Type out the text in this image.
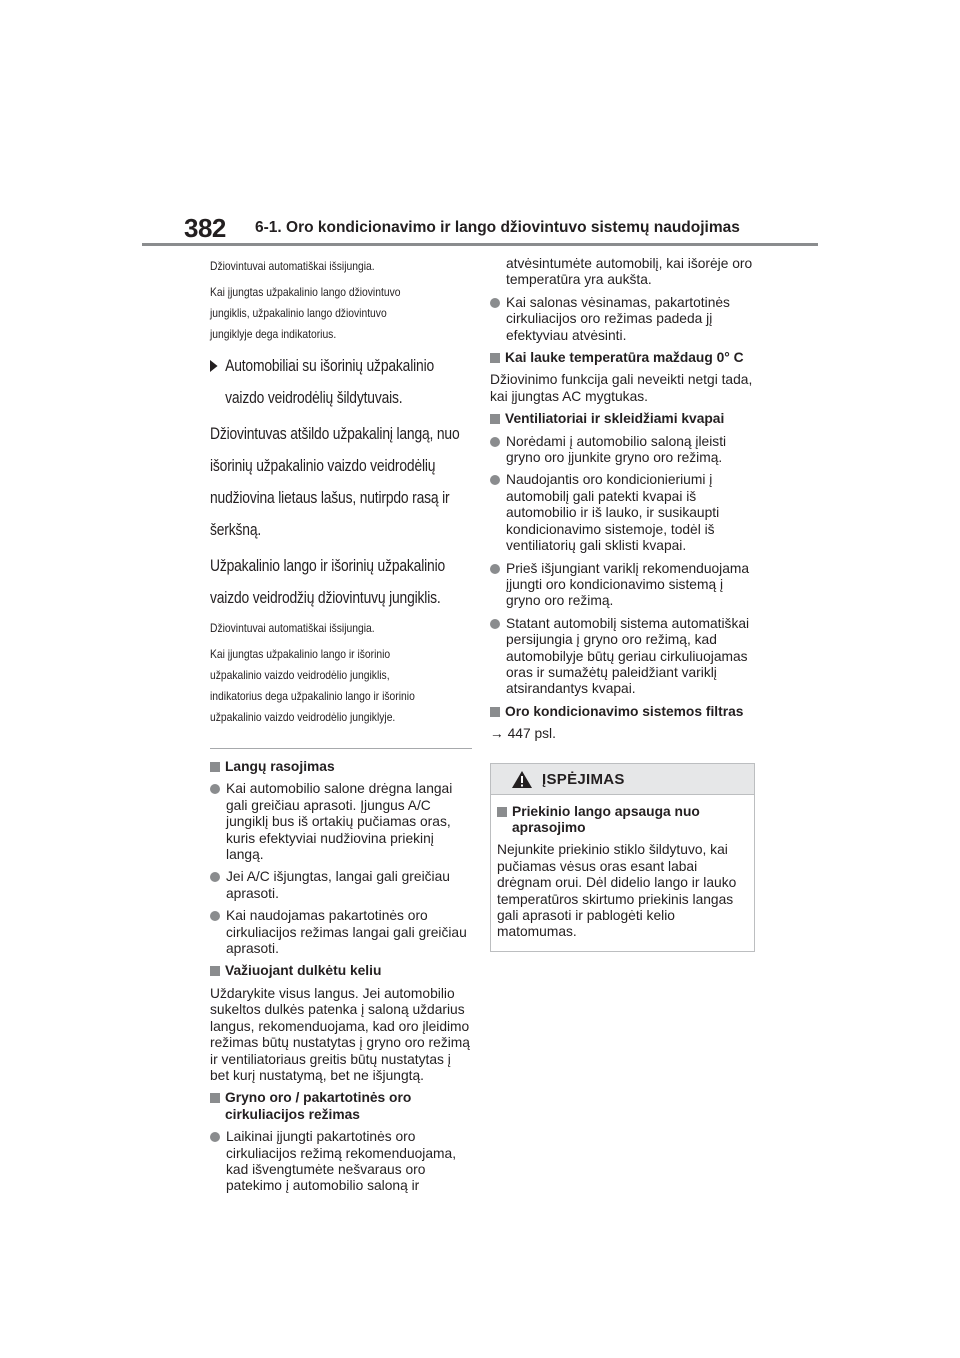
382 6-1. Oro kondicionavimo ir lango džiovintuvo sistemų naudojimas

Džiovintuvai automatiškai išsijungia.

Kai įjungtas užpakalinio lango džiovintuvo
jungiklis, užpakalinio lango džiovintuvo
jungiklyje dega indikatorius.

Automobiliai su išorinių užpakalinio
vaizdo veidrodėlių šildytuvais.

Džiovintuvas atšildo užpakalinį langą, nuo
išorinių užpakalinio vaizdo veidrodėlių
nudžiovina lietaus lašus, nutirpdo rasą ir
šerkšną.

Užpakalinio lango ir išorinių užpakalinio
vaizdo veidrodžių džiovintuvų jungiklis.

Džiovintuvai automatiškai išsijungia.

Kai įjungtas užpakalinio lango ir išorinio
užpakalinio vaizdo veidrodėlio jungiklis,
indikatorius dega užpakalinio lango ir išorinio
užpakalinio vaizdo veidrodėlio jungiklyje.

Langų rasojimas

Kai automobilio salone drėgna langai gali greičiau aprasoti. Įjungus A/C jungiklį bus iš ortakių pučiamas oras, kuris efektyviai nudžiovina priekinį langą.

Jei A/C išjungtas, langai gali greičiau aprasoti.

Kai naudojamas pakartotinės oro cirkuliacijos režimas langai gali greičiau aprasoti.

Važiuojant dulkėtu keliu

Uždarykite visus langus. Jei automobilio sukeltos dulkės patenka į saloną uždarius langus, rekomenduojama, kad oro įleidimo režimas būtų nustatytas į gryno oro režimą ir ventiliatoriaus greitis būtų nustatytas į bet kurį nustatymą, bet ne išjungtą.

Gryno oro / pakartotinės oro cirkuliacijos režimas

Laikinai įjungti pakartotinės oro cirkuliacijos režimą rekomenduojama, kad išvengtumėte nešvaraus oro patekimo į automobilio saloną ir

atvėsintumėte automobilį, kai išorėje oro temperatūra yra aukšta.

Kai salonas vėsinamas, pakartotinės cirkuliacijos oro režimas padeda jį efektyviau atvėsinti.

Kai lauke temperatūra maždaug 0° C

Džiovinimo funkcija gali neveikti netgi tada, kai įjungtas AC mygtukas.

Ventiliatoriai ir skleidžiami kvapai

Norėdami į automobilio saloną įleisti gryno oro įjunkite gryno oro režimą.

Naudojantis oro kondicionieriumi į automobilį gali patekti kvapai iš automobilio ir iš lauko, ir susikaupti kondicionavimo sistemoje, todėl iš ventiliatorių gali sklisti kvapai.

Prieš išjungiant variklį rekomenduojama įjungti oro kondicionavimo sistemą į gryno oro režimą.

Statant automobilį sistema automatiškai persijungia į gryno oro režimą, kad automobilyje būtų geriau cirkuliuojamas oras ir sumažėtų paleidžiant variklį atsirandantys kvapai.

Oro kondicionavimo sistemos filtras

→ 447 psl.

ĮSPĖJIMAS

Priekinio lango apsauga nuo aprasojimo

Nejunkite priekinio stiklo šildytuvo, kai pučiamas vėsus oras esant labai drėgnam orui. Dėl didelio lango ir lauko temperatūros skirtumo priekinis langas gali aprasoti ir pablogėti kelio matomumas.
